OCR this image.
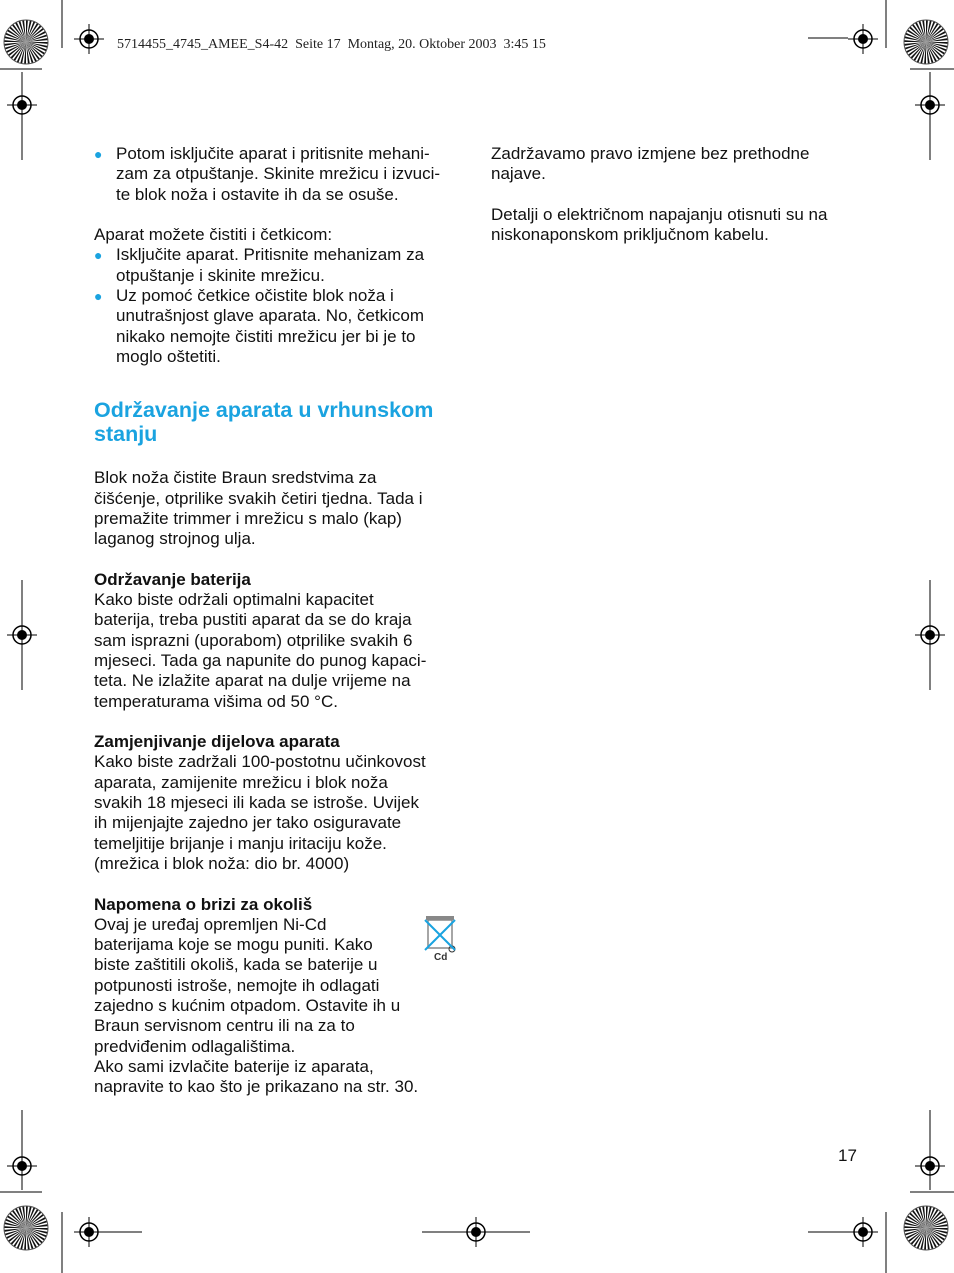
5714455_4745_AMEE_S4-42  Seite 17  Montag, 20. Oktober 2003  3:45 15
● Potom isključite aparat i pritisnite mehani-
zam za otpuštanje. Skinite mrežicu i izvuci-
te blok noža i ostavite ih da se osuše.

Aparat možete čistiti i četkicom:

● Isključite aparat. Pritisnite mehanizam za
otpuštanje i skinite mrežicu.
● Uz pomoć četkice očistite blok noža i
unutrašnjost glave aparata. No, četkicom
nikako nemojte čistiti mrežicu jer bi je to
moglo oštetiti.
Održavanje aparata u vrhunskom
stanju

Blok noža čistite Braun sredstvima za
čišćenje, otprilike svakih četiri tjedna. Tada i
premažite trimmer i mrežicu s malo (kap)
laganog strojnog ulja.

Održavanje baterija

Kako biste održali optimalni kapacitet
baterija, treba pustiti aparat da se do kraja
sam isprazni (uporabom) otprilike svakih 6
mjeseci. Tada ga napunite do punog kapaci-
teta. Ne izlažite aparat na dulje vrijeme na
temperaturama višima od 50 °C.

Zamjenjivanje dijelova aparata

Kako biste zadržali 100-postotnu učinkovost
aparata, zamijenite mrežicu i blok noža
svakih 18 mjeseci ili kada se istroše. Uvijek
ih mijenjajte zajedno jer tako osiguravate
temeljitije brijanje i manju iritaciju kože.
(mrežica i blok noža: dio br. 4000)

Napomena o brizi za okoliš

Ovaj je uređaj opremljen Ni-Cd
baterijama koje se mogu puniti. Kako
biste zaštitili okoliš, kada se baterije u
potpunosti istroše, nemojte ih odlagati
zajedno s kućnim otpadom. Ostavite ih u
Braun servisnom centru ili na za to
predviđenim odlagalištima.
Ako sami izvlačite baterije iz aparata,
napravite to kao što je prikazano na str. 30.

Cd

Zadržavamo pravo izmjene bez prethodne
najave.

Detalji o električnom napajanju otisnuti su na
niskonaponskom priključnom kabelu.

17
